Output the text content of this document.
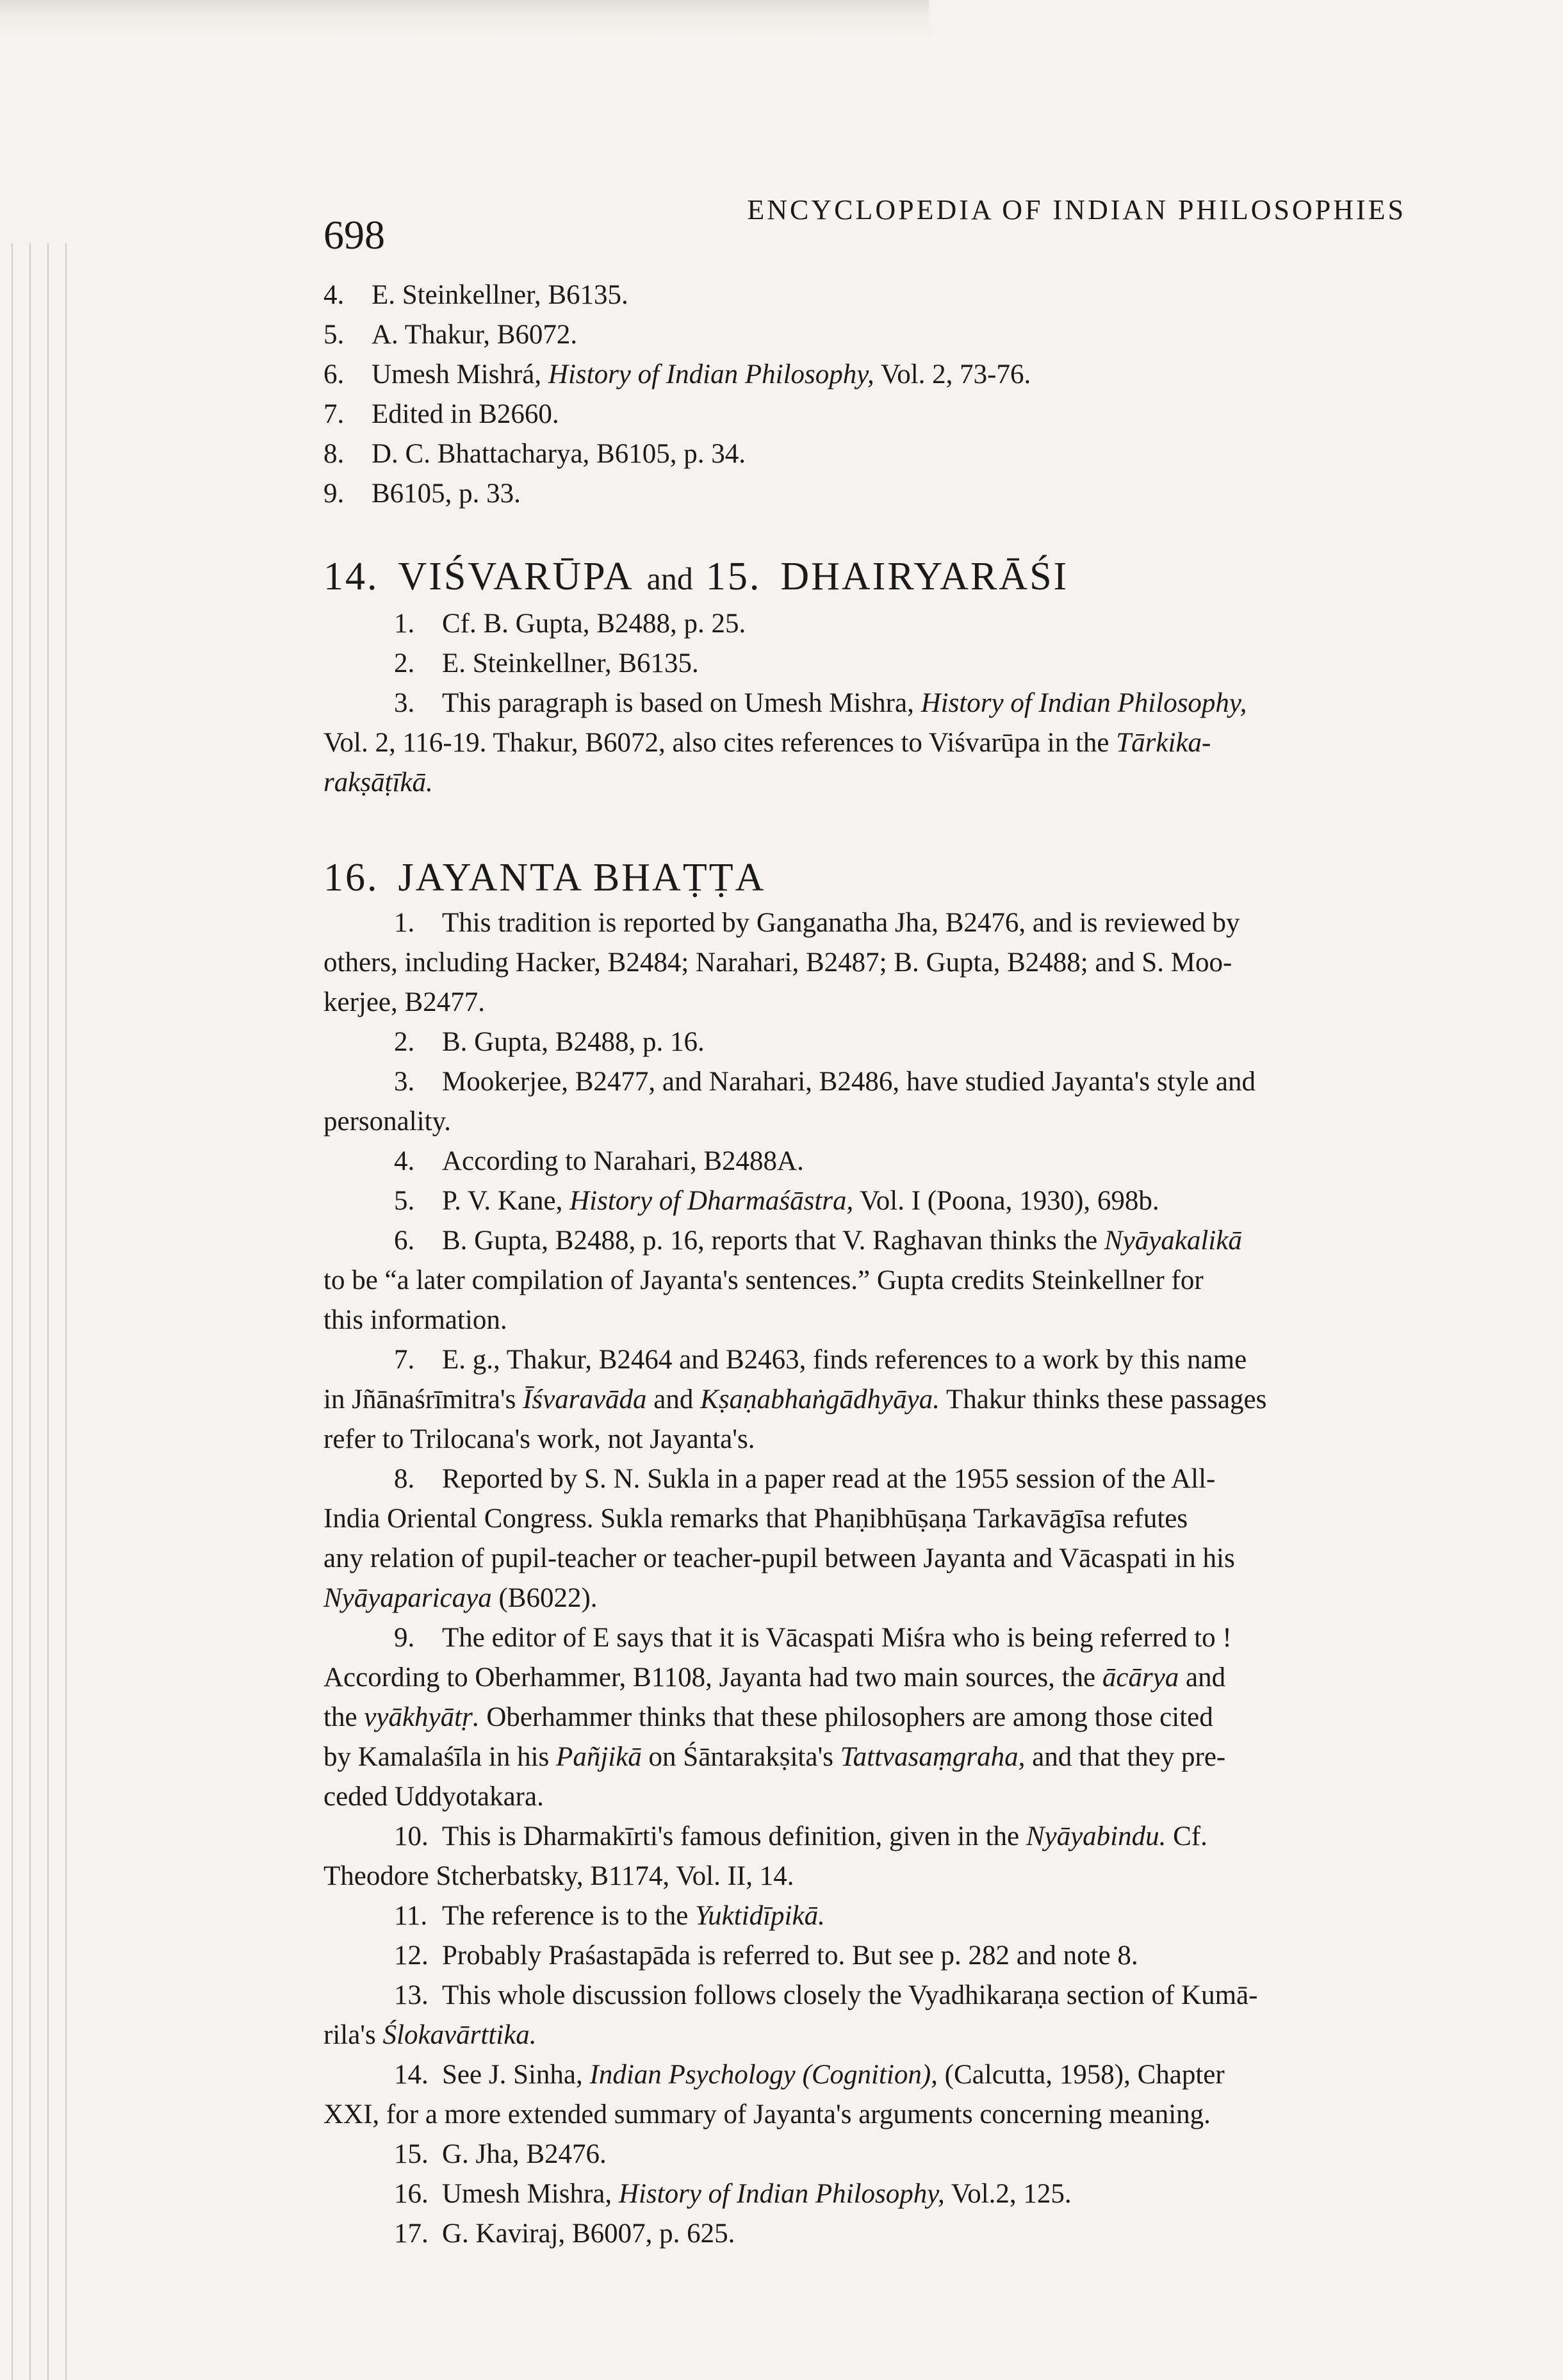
698
ENCYCLOPEDIA OF INDIAN PHILOSOPHIES
4. E. Steinkellner, B6135.
5. A. Thakur, B6072.
6. Umesh Mishrá, History of Indian Philosophy, Vol. 2, 73-76.
7. Edited in B2660.
8. D. C. Bhattacharya, B6105, p. 34.
9. B6105, p. 33.
14. VIŚVARŪPA and 15. DHAIRYARĀŚI
1. Cf. B. Gupta, B2488, p. 25.
2. E. Steinkellner, B6135.
3. This paragraph is based on Umesh Mishra, History of Indian Philosophy,
Vol. 2, 116-19. Thakur, B6072, also cites references to Viśvarūpa in the Tārkika-
rakṣāṭīkā.
16. JAYANTA BHAṬṬA
1. This tradition is reported by Ganganatha Jha, B2476, and is reviewed by
others, including Hacker, B2484; Narahari, B2487; B. Gupta, B2488; and S. Moo-
kerjee, B2477.
2. B. Gupta, B2488, p. 16.
3. Mookerjee, B2477, and Narahari, B2486, have studied Jayanta's style and
personality.
4. According to Narahari, B2488A.
5. P. V. Kane, History of Dharmaśāstra, Vol. I (Poona, 1930), 698b.
6. B. Gupta, B2488, p. 16, reports that V. Raghavan thinks the Nyāyakalikā
to be “a later compilation of Jayanta's sentences.” Gupta credits Steinkellner for
this information.
7. E. g., Thakur, B2464 and B2463, finds references to a work by this name
in Jñānaśrīmitra's Īśvaravāda and Kṣaṇabhaṅgādhyāya. Thakur thinks these passages
refer to Trilocana's work, not Jayanta's.
8. Reported by S. N. Sukla in a paper read at the 1955 session of the All-
India Oriental Congress. Sukla remarks that Phaṇibhūṣaṇa Tarkavāgīsa refutes
any relation of pupil-teacher or teacher-pupil between Jayanta and Vācaspati in his
Nyāyaparicaya (B6022).
9. The editor of E says that it is Vācaspati Miśra who is being referred to !
According to Oberhammer, B1108, Jayanta had two main sources, the ācārya and
the vyākhyātṛ. Oberhammer thinks that these philosophers are among those cited
by Kamalaśīla in his Pañjikā on Śāntarakṣita's Tattvasaṃgraha, and that they pre-
ceded Uddyotakara.
10. This is Dharmakīrti's famous definition, given in the Nyāyabindu. Cf.
Theodore Stcherbatsky, B1174, Vol. II, 14.
11. The reference is to the Yuktidīpikā.
12. Probably Praśastapāda is referred to. But see p. 282 and note 8.
13. This whole discussion follows closely the Vyadhikaraṇa section of Kumā-
rila's Ślokavārttika.
14. See J. Sinha, Indian Psychology (Cognition), (Calcutta, 1958), Chapter
XXI, for a more extended summary of Jayanta's arguments concerning meaning.
15. G. Jha, B2476.
16. Umesh Mishra, History of Indian Philosophy, Vol.2, 125.
17. G. Kaviraj, B6007, p. 625.
